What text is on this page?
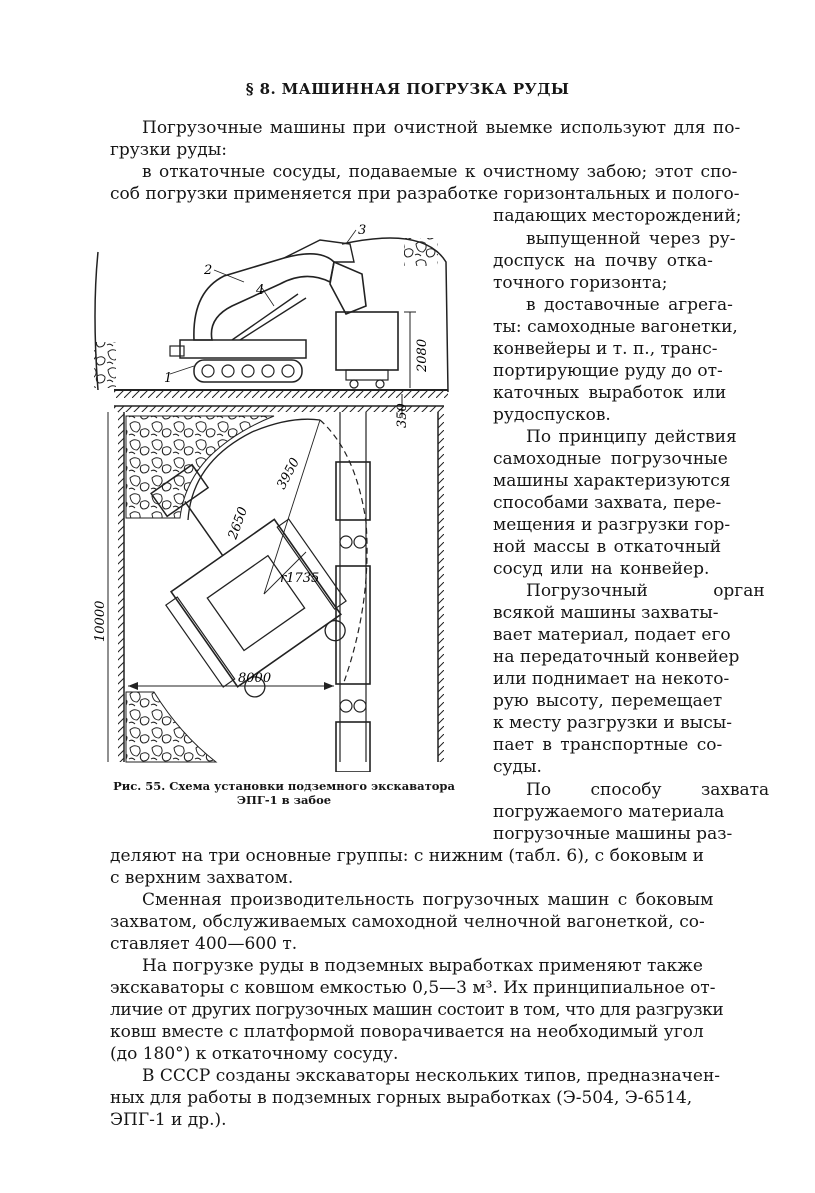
§ 8. МАШИННАЯ ПОГРУЗКА РУДЫ

Погрузочные машины при очистной выемке используют для по-

грузки руды:

в откаточные сосуды, подаваемые к очистному забою; этот спо-

соб погрузки применяется при разработке горизонтальных и полого-

падающих месторождений;

выпущенной через ру-

доспуск на почву отка-

точного горизонта;

в доставочные агрега-

ты: самоходные вагонетки,

конвейеры и т. п., транс-

портирующие руду до от-

каточных выработок или

рудоспусков.

По принципу действия

самоходные погрузочные

машины характеризуются

способами захвата, пере-

мещения и разгрузки гор-

ной массы в откаточный

сосуд или на конвейер.

Погрузочный орган

всякой машины захваты-

вает материал, подает его

на передаточный конвейер

или поднимает на некото-

рую высоту, перемещает

к месту разгрузки и высы-

пает в транспортные со-

суды.

По способу захвата

погружаемого материала

погрузочные машины раз-

деляют на три основные группы: с нижним (табл. 6), с боковым и

с верхним захватом.

Сменная производительность погрузочных машин с боковым

захватом, обслуживаемых самоходной челночной вагонеткой, со-

ставляет 400—600 т.

На погрузке руды в подземных выработках применяют также

экскаваторы с ковшом емкостью 0,5—3 м³. Их принципиальное от-

личие от других погрузочных машин состоит в том, что для разгрузки

ковш вместе с платформой поворачивается на необходимый угол

(до 180°) к откаточному сосуду.

В СССР созданы экскаваторы нескольких типов, предназначен-

ных для работы в подземных горных выработках (Э-504, Э-6514,

ЭПГ-1 и др.).

1
2
3
4
2080
350
3950
2650
r1735
10000
8000

Рис. 55. Схема установки подземного экскаватора

ЭПГ-1 в забое
